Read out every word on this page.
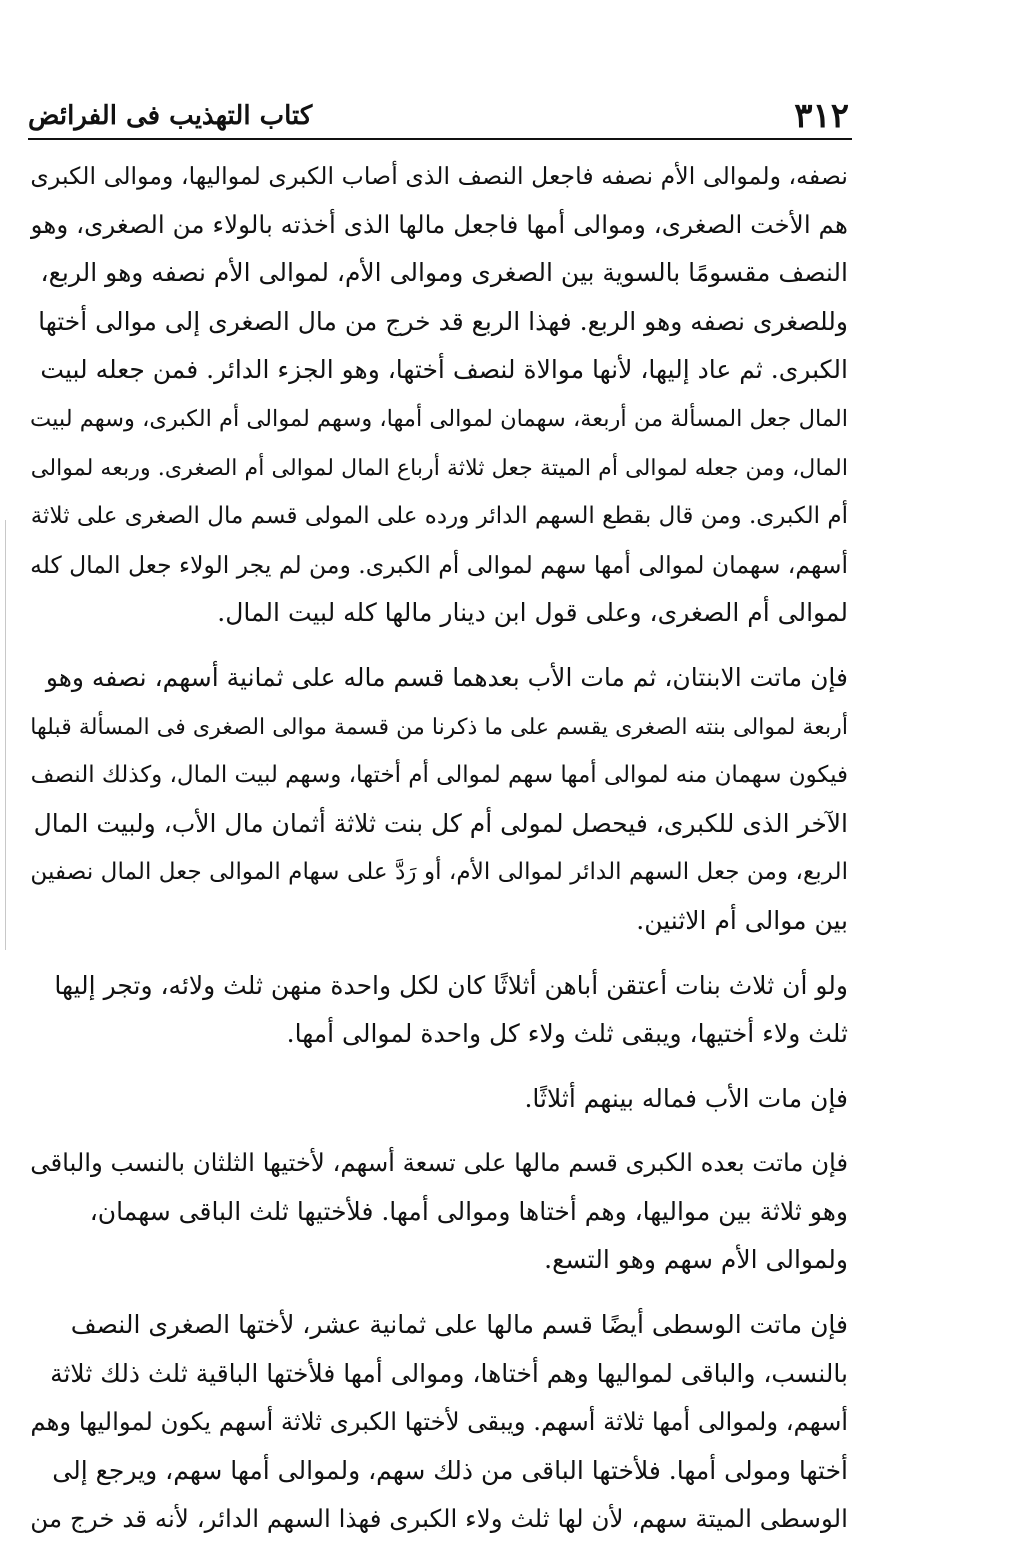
٣١٢
كتاب التهذيب فى الفرائض
نصفه، ولموالى الأم نصفه فاجعل النصف الذى أصاب الكبرى لمواليها، وموالى الكبرى
هم الأخت الصغرى، وموالى أمها فاجعل مالها الذى أخذته بالولاء من الصغرى، وهو
النصف مقسومًا بالسوية بين الصغرى وموالى الأم، لموالى الأم نصفه وهو الربع،
وللصغرى نصفه وهو الربع. فهذا الربع قد خرج من مال الصغرى إلى موالى أختها
الكبرى. ثم عاد إليها، لأنها موالاة لنصف أختها، وهو الجزء الدائر. فمن جعله لبيت
المال جعل المسألة من أربعة، سهمان لموالى أمها، وسهم لموالى أم الكبرى، وسهم لبيت
المال، ومن جعله لموالى أم الميتة جعل ثلاثة أرباع المال لموالى أم الصغرى. وربعه لموالى
أم الكبرى. ومن قال بقطع السهم الدائر ورده على المولى قسم مال الصغرى على ثلاثة
أسهم، سهمان لموالى أمها سهم لموالى أم الكبرى. ومن لم يجر الولاء جعل المال كله
لموالى أم الصغرى، وعلى قول ابن دينار مالها كله لبيت المال.
فإن ماتت الابنتان، ثم مات الأب بعدهما قسم ماله على ثمانية أسهم، نصفه وهو
أربعة لموالى بنته الصغرى يقسم على ما ذكرنا من قسمة موالى الصغرى فى المسألة قبلها
فيكون سهمان منه لموالى أمها سهم لموالى أم أختها، وسهم لبيت المال، وكذلك النصف
الآخر الذى للكبرى، فيحصل لمولى أم كل بنت ثلاثة أثمان مال الأب، ولبيت المال
الربع، ومن جعل السهم الدائر لموالى الأم، أو رَدَّ على سهام الموالى جعل المال نصفين
بين موالى أم الاثنين.
ولو أن ثلاث بنات أعتقن أباهن أثلاثًا كان لكل واحدة منهن ثلث ولائه، وتجر إليها
ثلث ولاء أختيها، ويبقى ثلث ولاء كل واحدة لموالى أمها.
فإن مات الأب فماله بينهم أثلاثًا.
فإن ماتت بعده الكبرى قسم مالها على تسعة أسهم، لأختيها الثلثان بالنسب والباقى
وهو ثلاثة بين مواليها، وهم أختاها وموالى أمها. فلأختيها ثلث الباقى سهمان،
ولموالى الأم سهم وهو التسع.
فإن ماتت الوسطى أيضًا قسم مالها على ثمانية عشر، لأختها الصغرى النصف
بالنسب، والباقى لمواليها وهم أختاها، وموالى أمها فلأختها الباقية ثلث ذلك ثلاثة
أسهم، ولموالى أمها ثلاثة أسهم. ويبقى لأختها الكبرى ثلاثة أسهم يكون لمواليها وهم
أختها ومولى أمها. فلأختها الباقى من ذلك سهم، ولموالى أمها سهم، ويرجع إلى
الوسطى الميتة سهم، لأن لها ثلث ولاء الكبرى فهذا السهم الدائر، لأنه قد خرج من
